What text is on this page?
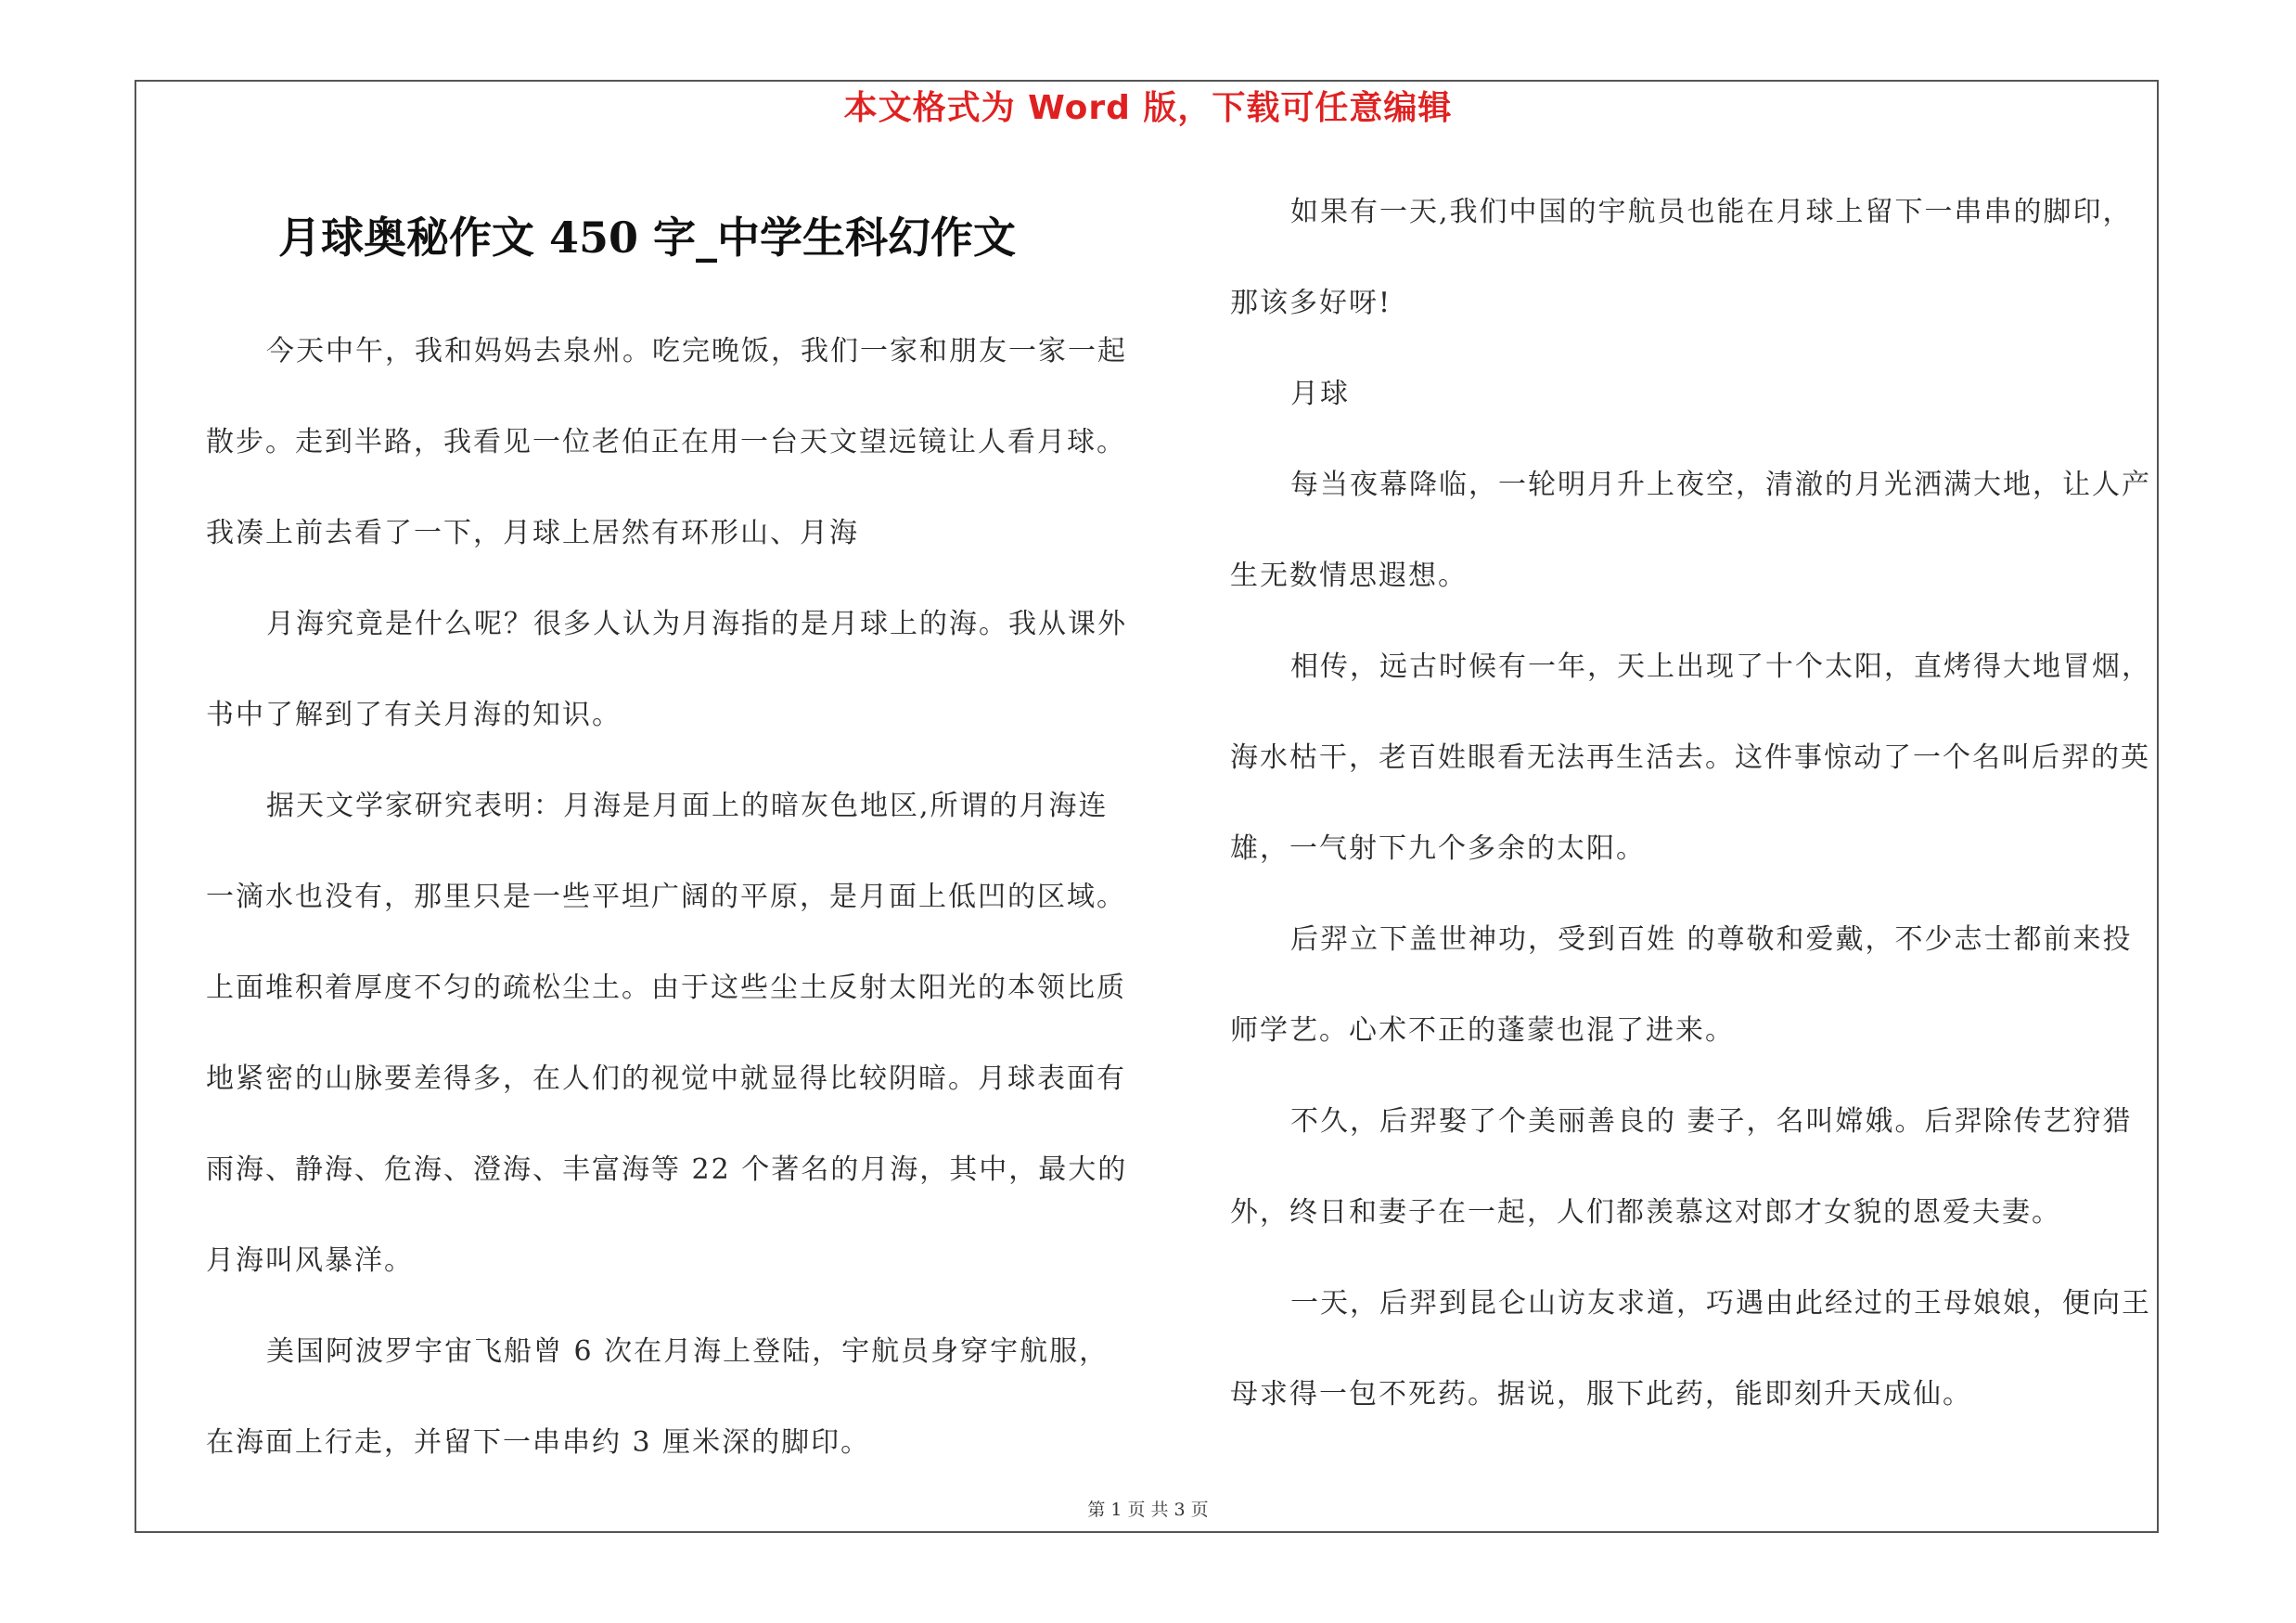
本文格式为 Word 版，下载可任意编辑
月球奥秘作文 450 字_中学生科幻作文

今天中午，我和妈妈去泉州。吃完晚饭，我们一家和朋友一家一起散步。走到半路，我看见一位老伯正在用一台天文望远镜让人看月球。我凑上前去看了一下，月球上居然有环形山、月海

月海究竟是什么呢？很多人认为月海指的是月球上的海。我从课外书中了解到了有关月海的知识。

据天文学家研究表明：月海是月面上的暗灰色地区,所谓的月海连一滴水也没有，那里只是一些平坦广阔的平原，是月面上低凹的区域。上面堆积着厚度不匀的疏松尘土。由于这些尘土反射太阳光的本领比质地紧密的山脉要差得多，在人们的视觉中就显得比较阴暗。月球表面有雨海、静海、危海、澄海、丰富海等 22 个著名的月海，其中，最大的月海叫风暴洋。

美国阿波罗宇宙飞船曾 6 次在月海上登陆，宇航员身穿宇航服，在海面上行走，并留下一串串约 3 厘米深的脚印。

如果有一天,我们中国的宇航员也能在月球上留下一串串的脚印，那该多好呀!

月球

每当夜幕降临，一轮明月升上夜空，清澈的月光洒满大地，让人产生无数情思遐想。

相传，远古时候有一年，天上出现了十个太阳，直烤得大地冒烟，海水枯干，老百姓眼看无法再生活去。这件事惊动了一个名叫后羿的英雄，一气射下九个多余的太阳。

后羿立下盖世神功，受到百姓 的尊敬和爱戴，不少志士都前来投师学艺。心术不正的蓬蒙也混了进来。

不久，后羿娶了个美丽善良的 妻子，名叫嫦娥。后羿除传艺狩猎外，终日和妻子在一起，人们都羡慕这对郎才女貌的恩爱夫妻。

一天，后羿到昆仑山访友求道，巧遇由此经过的王母娘娘，便向王母求得一包不死药。据说，服下此药，能即刻升天成仙。

第 1 页 共 3 页
